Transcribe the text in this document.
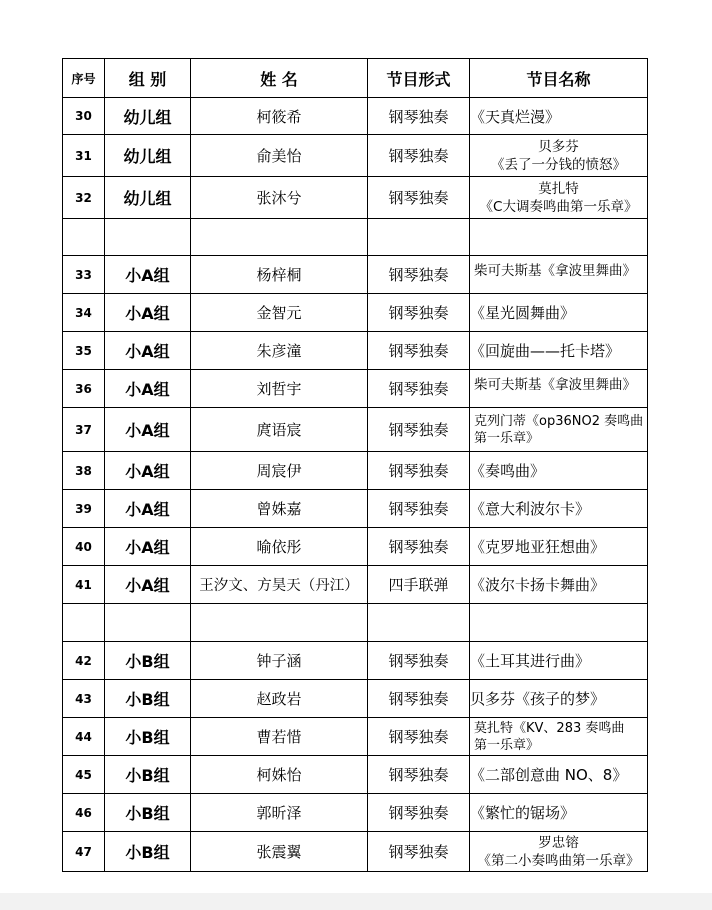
序号	组 别	姓 名	节目形式	节目名称
30	幼儿组	柯筱希	钢琴独奏	《天真烂漫》

31	幼儿组	俞美怡	钢琴独奏	贝多芬
《丢了一分钱的愤怒》

32	幼儿组	张沐兮	钢琴独奏	莫扎特
《C大调奏鸣曲第一乐章》

33	小A组	杨梓桐	钢琴独奏	柴可夫斯基《拿波里舞曲》

34	小A组	金智元	钢琴独奏	《星光圆舞曲》

35	小A组	朱彦潼	钢琴独奏	《回旋曲——托卡塔》

36	小A组	刘哲宇	钢琴独奏	柴可夫斯基《拿波里舞曲》

37	小A组	庹语宸	钢琴独奏	克列门蒂《op36NO2 奏鸣曲
第一乐章》

38	小A组	周宸伊	钢琴独奏	《奏鸣曲》

39	小A组	曾姝嘉	钢琴独奏	《意大利波尔卡》

40	小A组	喻依彤	钢琴独奏	《克罗地亚狂想曲》

41	小A组	王汐文、方昊天（丹江）	四手联弹	《波尔卡扬卡舞曲》

42	小B组	钟子涵	钢琴独奏	《土耳其进行曲》

43	小B组	赵政岩	钢琴独奏	贝多芬《孩子的梦》

44	小B组	曹若惜	钢琴独奏	莫扎特《KV、283 奏鸣曲
第一乐章》

45	小B组	柯姝怡	钢琴独奏	《二部创意曲 NO、8》

46	小B组	郭昕泽	钢琴独奏	《繁忙的锯场》

47	小B组	张震翼	钢琴独奏	罗忠镕
《第二小奏鸣曲第一乐章》
